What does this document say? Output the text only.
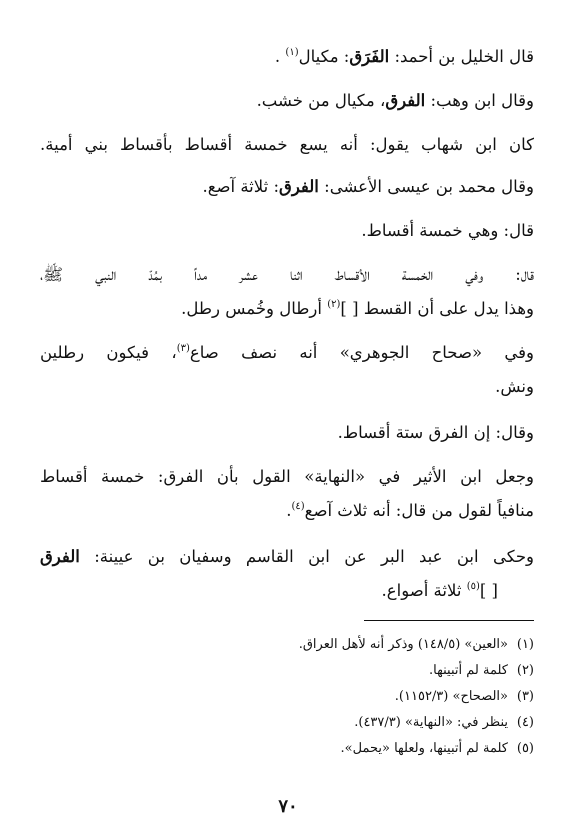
قال الخليل بن أحمد: الفَرَق: مكيال$^{(١)}$ .
وقال ابن وهب: الفرق، مكيال من خشب.
كان ابن شهاب يقول: أنه يسع خمسة أقساط بأقساط بني أمية.
وقال محمد بن عيسى الأعشى: الفرق: ثلاثة آصع.
قال: وهي خمسة أقساط.
قال: وفي الخمسة الأقساط اثنا عشر مداً بمُدّ النبي ﷺ،
وهذا يدل على أن القسط [ ]$^{(٢)}$ أرطال وخُمس رطل.
وفي «صحاح الجوهري» أنه نصف صاع$^{(٣)}$، فيكون رطلين
ونش.
وقال: إن الفرق ستة أقساط.
وجعل ابن الأثير في «النهاية» القول بأن الفرق: خمسة أقساط
منافياً لقول من قال: أنه ثلاث آصع$^{(٤)}$.
وحكى ابن عبد البر عن ابن القاسم وسفيان بن عيينة: الفرق
[ ]$^{(٥)}$ ثلاثة أصواع.
(١)«العين» (١٤٨/٥) وذكر أنه لأهل العراق.
(٢)كلمة لم أتبينها.
(٣)«الصحاح» (١١٥٢/٣).
(٤)ينظر في: «النهاية» (٤٣٧/٣).
(٥)كلمة لم أتبينها، ولعلها «يحمل».
٧٠
